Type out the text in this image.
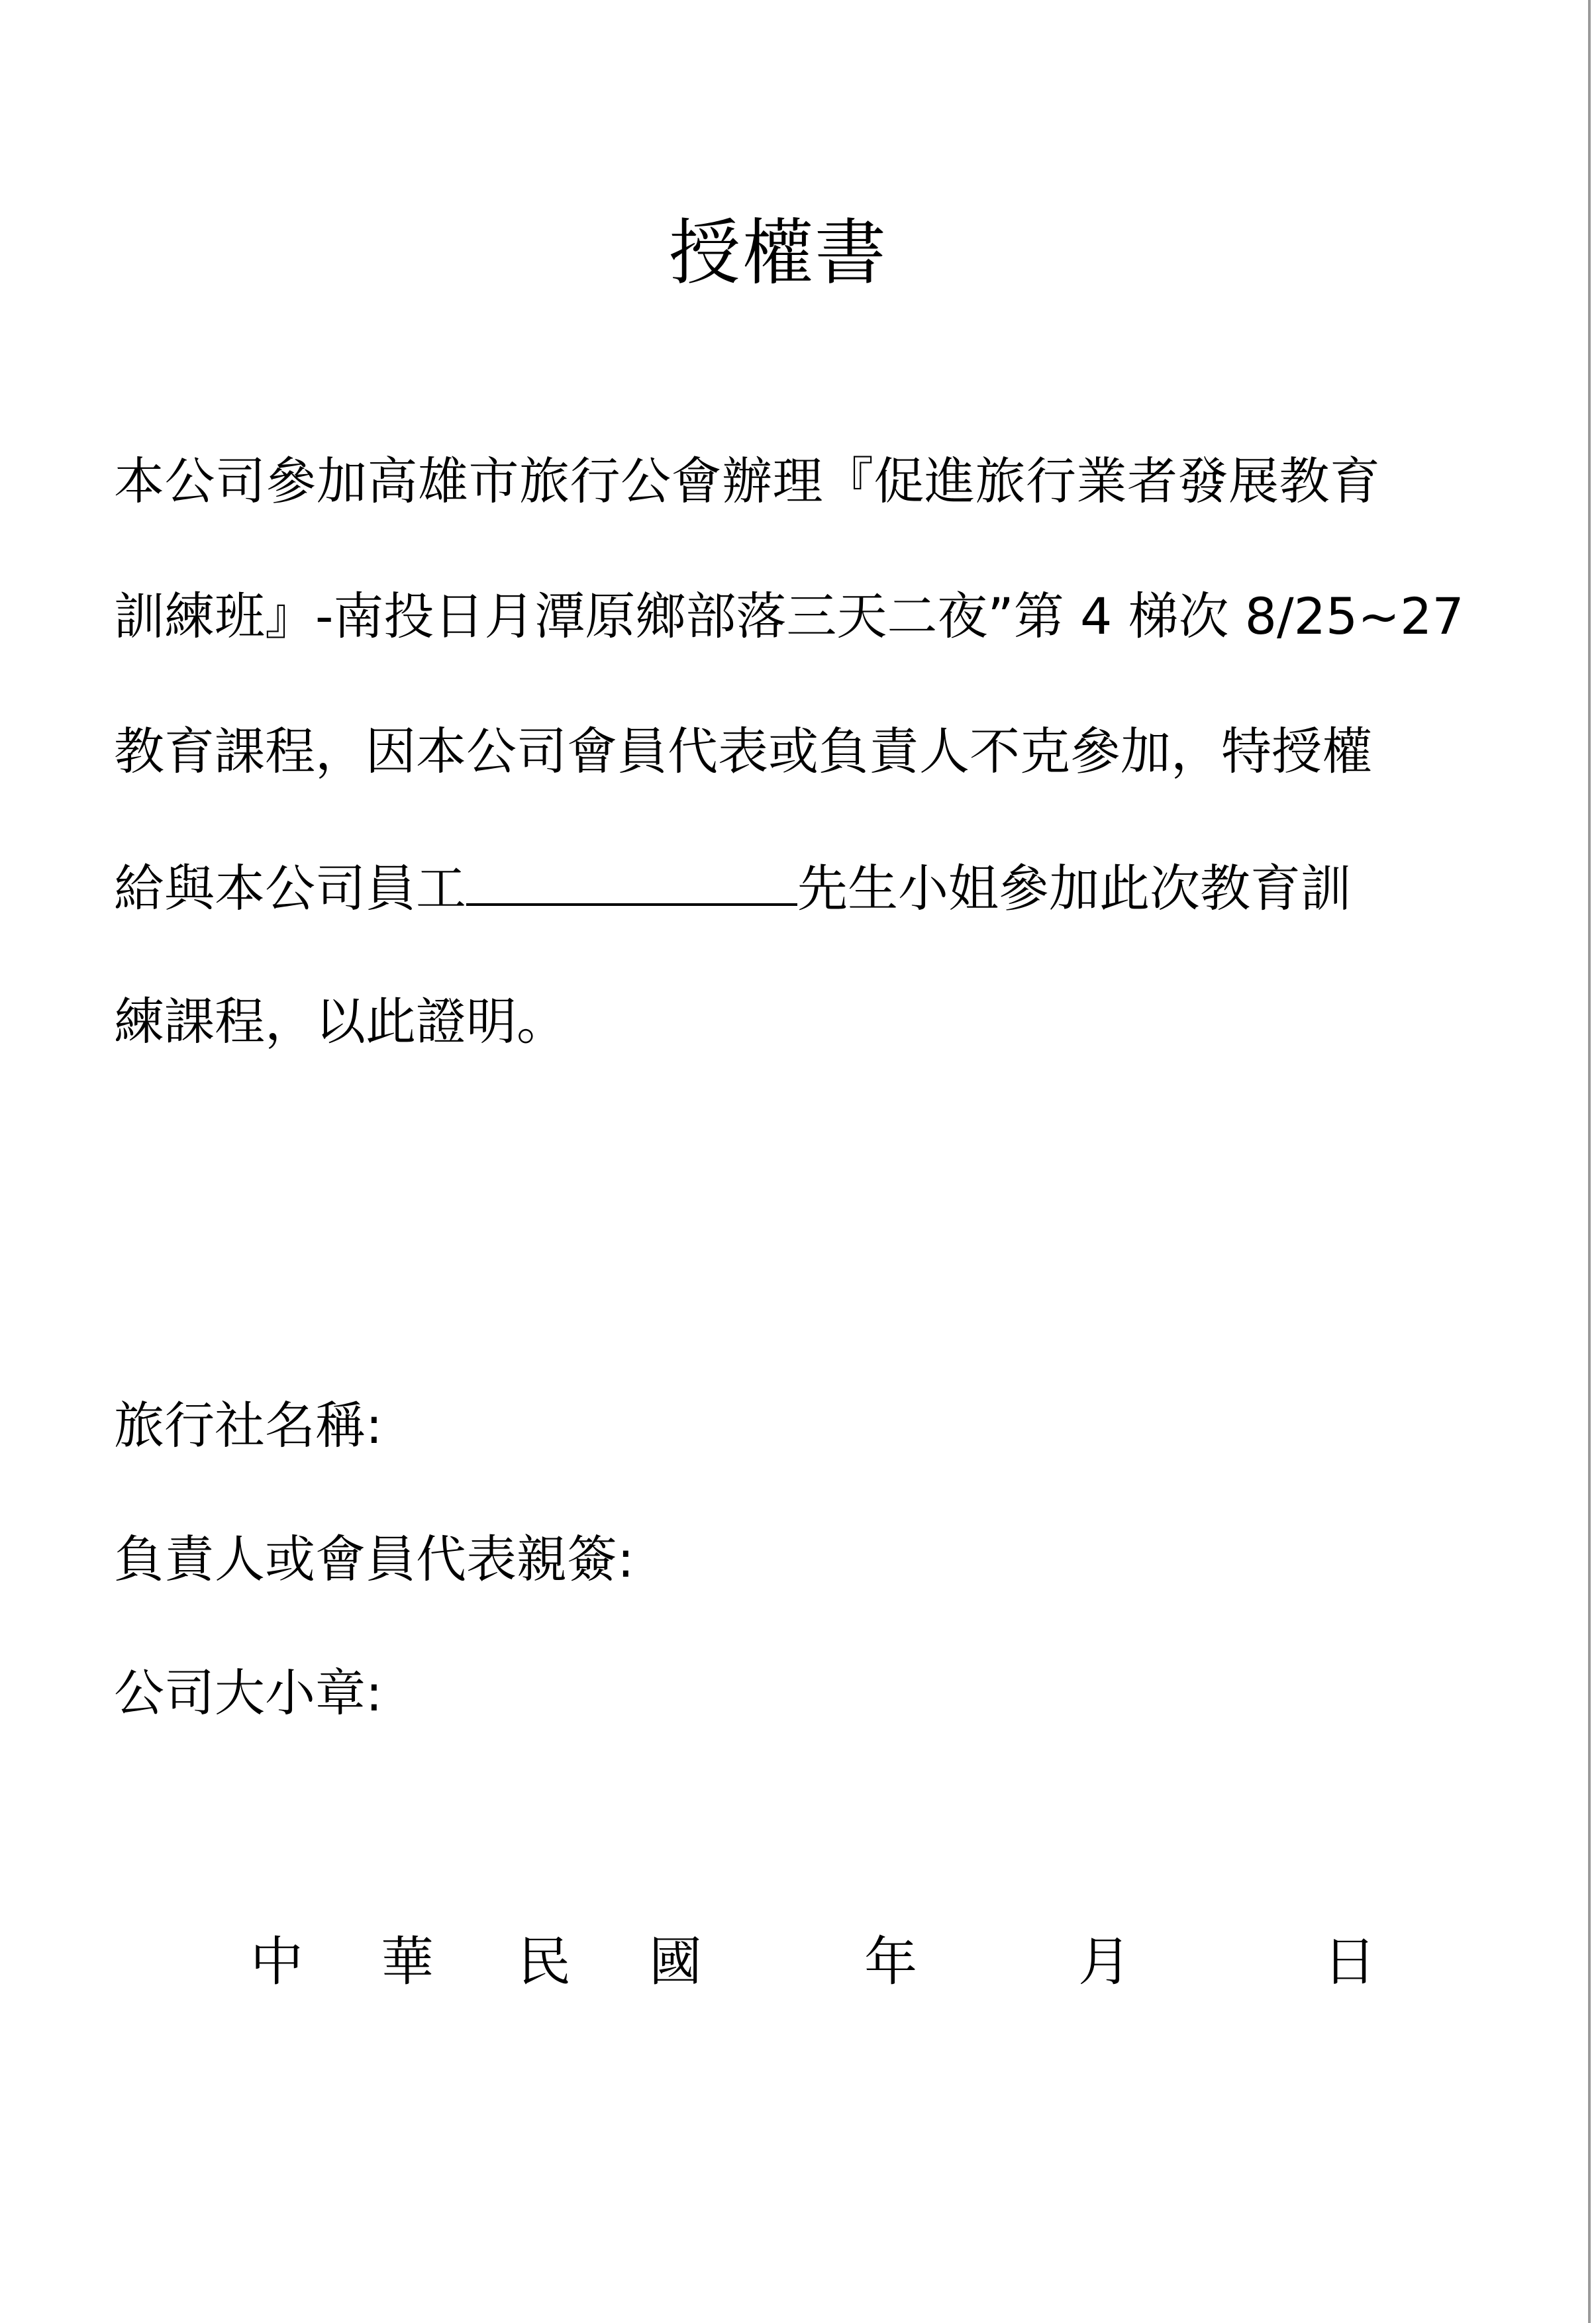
授權書
本公司參加高雄市旅行公會辦理『促進旅行業者發展教育
訓練班』-南投日月潭原鄉部落三天二夜”第 4 梯次 8/25~27
教育課程，因本公司會員代表或負責人不克參加，特授權
給與本公司員工	先生小姐參加此次教育訓
練課程，以此證明。
旅行社名稱:
負責人或會員代表親簽:
公司大小章:
中 華 民 國	年	月	日
